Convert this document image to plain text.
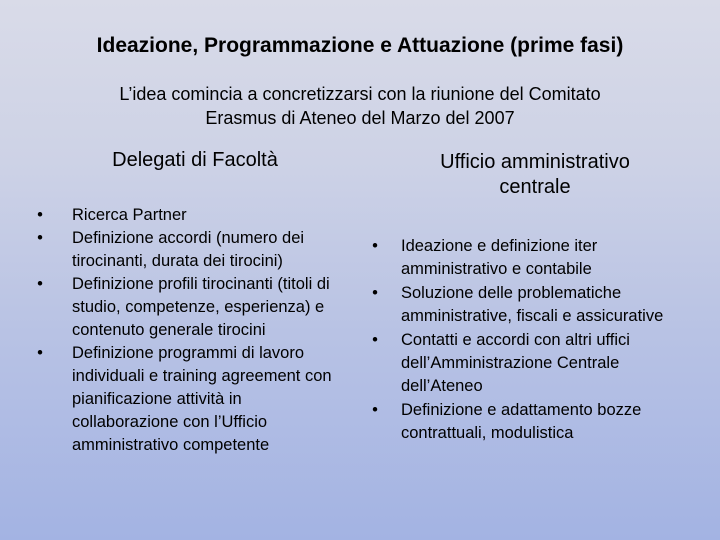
Ideazione, Programmazione e Attuazione (prime fasi)
L’idea comincia a concretizzarsi con la riunione del Comitato
Erasmus di Ateneo del Marzo del 2007
Delegati di Facoltà	Ufficio amministrativo
centrale
•	Ricerca Partner
•	Definizione accordi (numero dei tirocinanti, durata dei tirocini)
•	Definizione profili tirocinanti (titoli di studio, competenze, esperienza) e contenuto generale tirocini
•	Definizione programmi di lavoro individuali e training agreement con pianificazione attività in collaborazione con l’Ufficio amministrativo competente
•	Ideazione e definizione iter amministrativo e contabile
•	Soluzione delle problematiche amministrative, fiscali e assicurative
•	Contatti e accordi con altri uffici dell’Amministrazione Centrale dell’Ateneo
•	Definizione e adattamento bozze contrattuali, modulistica
